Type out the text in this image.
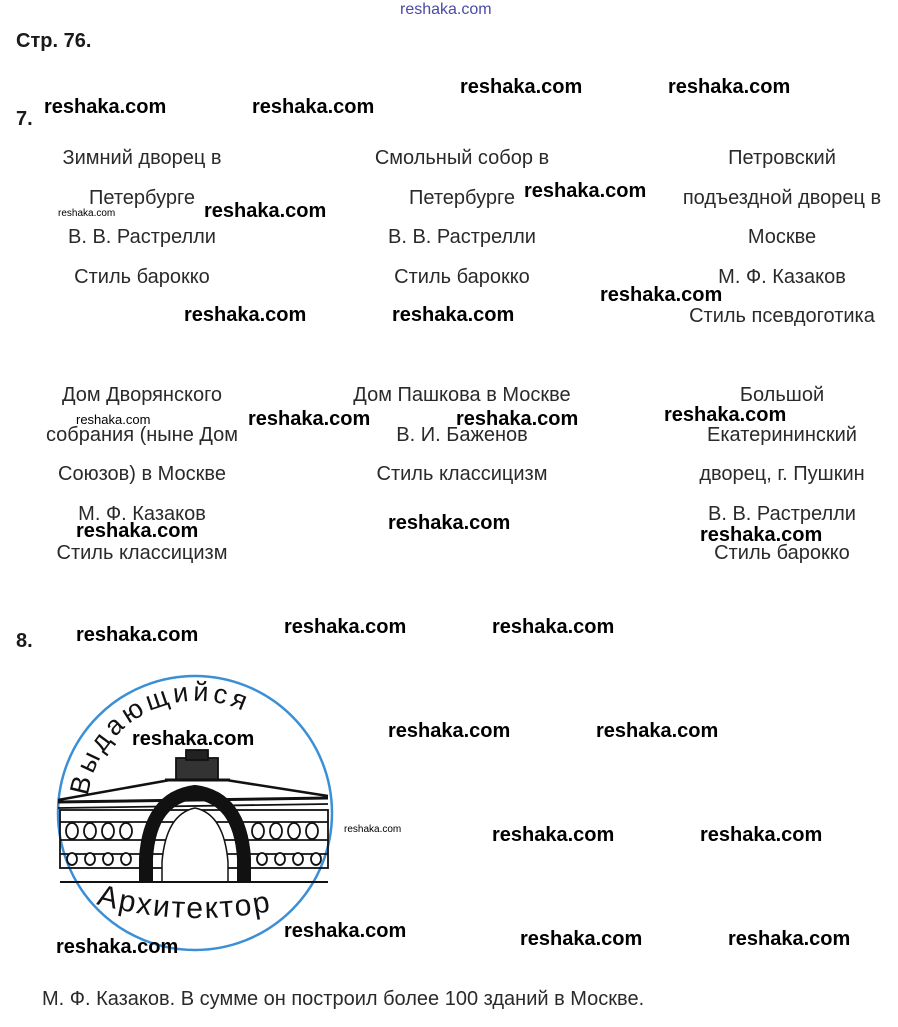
reshaka.com
Стр. 76.
7.
Зимний дворец в
Петербурге
В. В. Растрелли
Стиль барокко
Смольный собор в
Петербурге
В. В. Растрелли
Стиль барокко
Петровский
подъездной дворец в
Москве
М. Ф. Казаков
Стиль псевдоготика
Дом Дворянского
собрания (ныне Дом
Союзов) в Москве
М. Ф. Казаков
Стиль классицизм
Дом Пашкова в Москве
В. И. Баженов
Стиль классицизм
Большой
Екатерининский
дворец, г. Пушкин
В. В. Растрелли
Стиль барокко
8.
Выдающийся
Архитектор
М. Ф. Казаков. В сумме он построил более 100 зданий в Москве.
reshaka.com	reshaka.com
reshaka.com	reshaka.com
reshaka.com
reshaka.com
reshaka.com
reshaka.com	reshaka.com
reshaka.com
reshaka.com	reshaka.com
reshaka.com
reshaka.com	reshaka.com
reshaka.com	reshaka.com
reshaka.com
reshaka.com	reshaka.com
reshaka.com
reshaka.com	reshaka.com
reshaka.com
reshaka.com	reshaka.com	reshaka.com
reshaka.com
reshaka.com
reshaka.com
